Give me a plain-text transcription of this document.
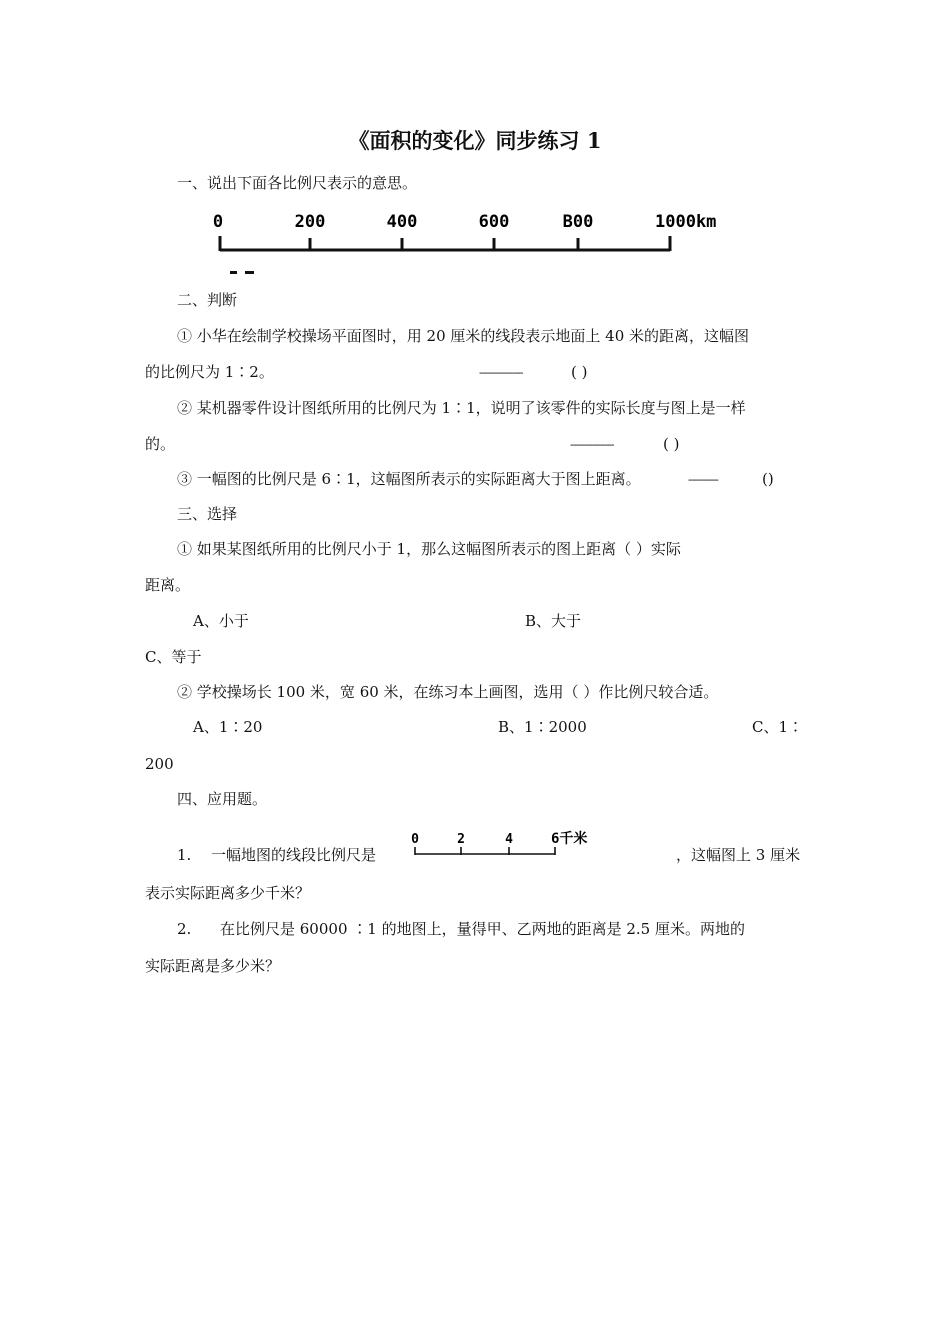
《面积的变化》同步练习 1
一、说出下面各比例尺表示的意思。
0	200	400	600	B00	1000km
二、判断
① 小华在绘制学校操场平面图时，用 20 厘米的线段表示地面上 40 米的距离，这幅图
的比例尺为 1∶2。	----------------	( )
② 某机器零件设计图纸所用的比例尺为 1∶1，说明了该零件的实际长度与图上是一样
的。	----------------	( )
③ 一幅图的比例尺是 6∶1，这幅图所表示的实际距离大于图上距离。	-----------	()
三、选择
① 如果某图纸所用的比例尺小于 1，那么这幅图所表示的图上距离（ ）实际
距离。
A、小于	B、大于
C、等于
② 学校操场长 100 米，宽 60 米，在练习本上画图，选用（ ）作比例尺较合适。
A、1∶20	B、1∶2000	C、1∶
200
四、应用题。
1. 一幅地图的线段比例尺是
0	2	4	6千米
，这幅图上 3 厘米
表示实际距离多少千米？
2. 在比例尺是 60000 ∶1 的地图上，量得甲、乙两地的距离是 2.5 厘米。两地的
实际距离是多少米？
